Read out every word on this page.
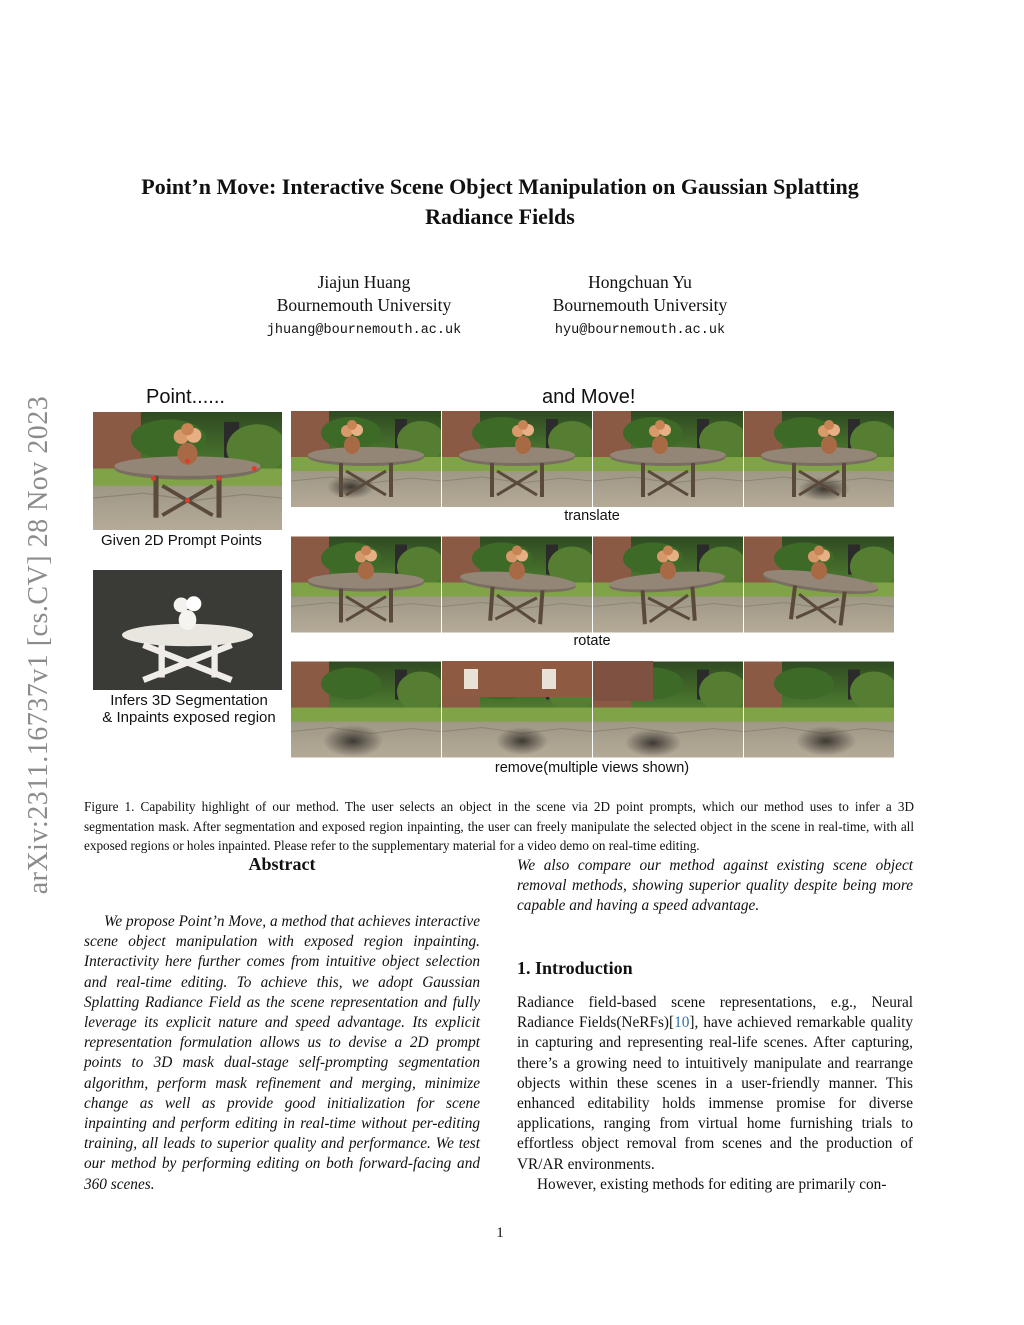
arXiv:2311.16737v1 [cs.CV] 28 Nov 2023
Point’n Move: Interactive Scene Object Manipulation on Gaussian Splatting
Radiance Fields
Jiajun Huang
Bournemouth University
jhuang@bournemouth.ac.uk
Hongchuan Yu
Bournemouth University
hyu@bournemouth.ac.uk
Point......	and Move!
Given 2D Prompt Points
Infers 3D Segmentation
& Inpaints exposed region
translate
rotate
remove(multiple views shown)
Figure 1. Capability highlight of our method. The user selects an object in the scene via 2D point prompts, which our method uses to infer a 3D segmentation mask. After segmentation and exposed region inpainting, the user can freely manipulate the selected object in the scene in real-time, with all exposed regions or holes inpainted. Please refer to the supplementary material for a video demo on real-time editing.
Abstract
We propose Point’n Move, a method that achieves interactive scene object manipulation with exposed region inpainting. Interactivity here further comes from intuitive object selection and real-time editing. To achieve this, we adopt Gaussian Splatting Radiance Field as the scene representation and fully leverage its explicit nature and speed advantage. Its explicit representation formulation allows us to devise a 2D prompt points to 3D mask dual-stage self-prompting segmentation algorithm, perform mask refinement and merging, minimize change as well as provide good initialization for scene inpainting and perform editing in real-time without per-editing training, all leads to superior quality and performance. We test our method by performing editing on both forward-facing and 360 scenes.
We also compare our method against existing scene object removal methods, showing superior quality despite being more capable and having a speed advantage.
1. Introduction
Radiance field-based scene representations, e.g., Neural Radiance Fields(NeRFs)[10], have achieved remarkable quality in capturing and representing real-life scenes. After capturing, there’s a growing need to intuitively manipulate and rearrange objects within these scenes in a user-friendly manner. This enhanced editability holds immense promise for diverse applications, ranging from virtual home furnishing trials to effortless object removal from scenes and the production of VR/AR environments.
However, existing methods for editing are primarily con-
1
